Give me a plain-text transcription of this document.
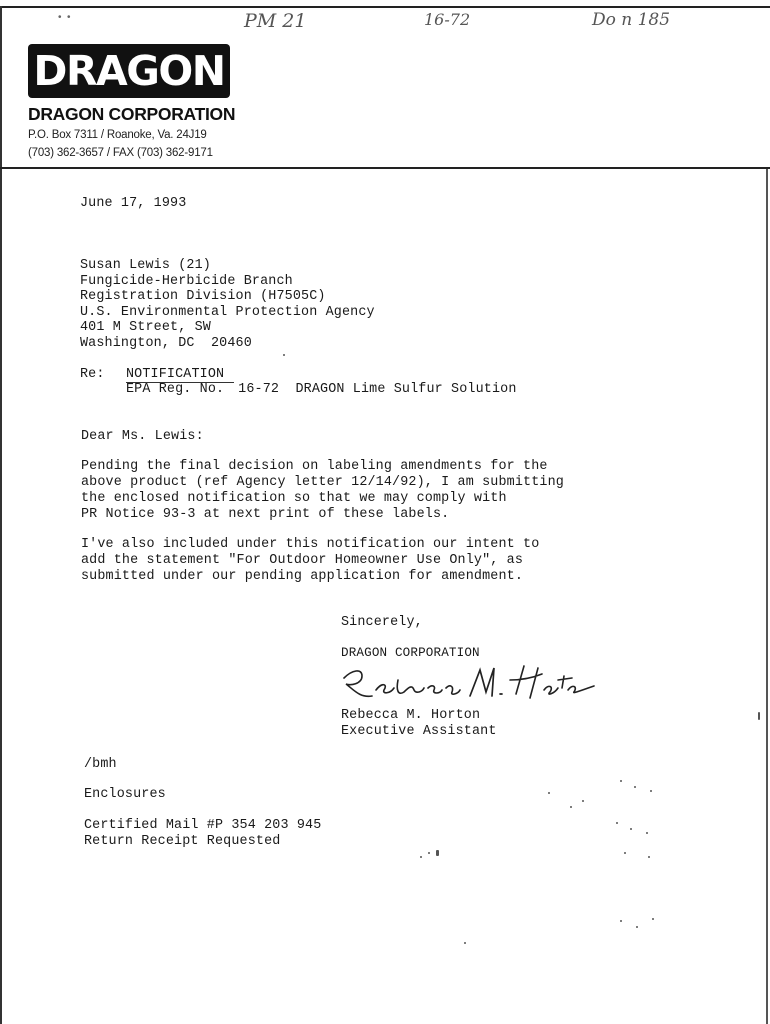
•  •	PM 21	16-72	Do n 185
DRAGON
DRAGON CORPORATION
P.O. Box 7311 / Roanoke, Va. 24J19
(703) 362-3657 / FAX (703) 362-9171
June 17, 1993
Susan Lewis (21)
Fungicide-Herbicide Branch
Registration Division (H7505C)
U.S. Environmental Protection Agency
401 M Street, SW
Washington, DC  20460
Re: NOTIFICATION
EPA Reg. No. 16-72  DRAGON Lime Sulfur Solution
Dear Ms. Lewis:
Pending the final decision on labeling amendments for the
above product (ref Agency letter 12/14/92), I am submitting
the enclosed notification so that we may comply with
PR Notice 93-3 at next print of these labels.
I've also included under this notification our intent to
add the statement "For Outdoor Homeowner Use Only", as
submitted under our pending application for amendment.
Sincerely,
DRAGON CORPORATION
Rebecca M. Horton
Executive Assistant
/bmh
Enclosures
Certified Mail #P 354 203 945
Return Receipt Requested
